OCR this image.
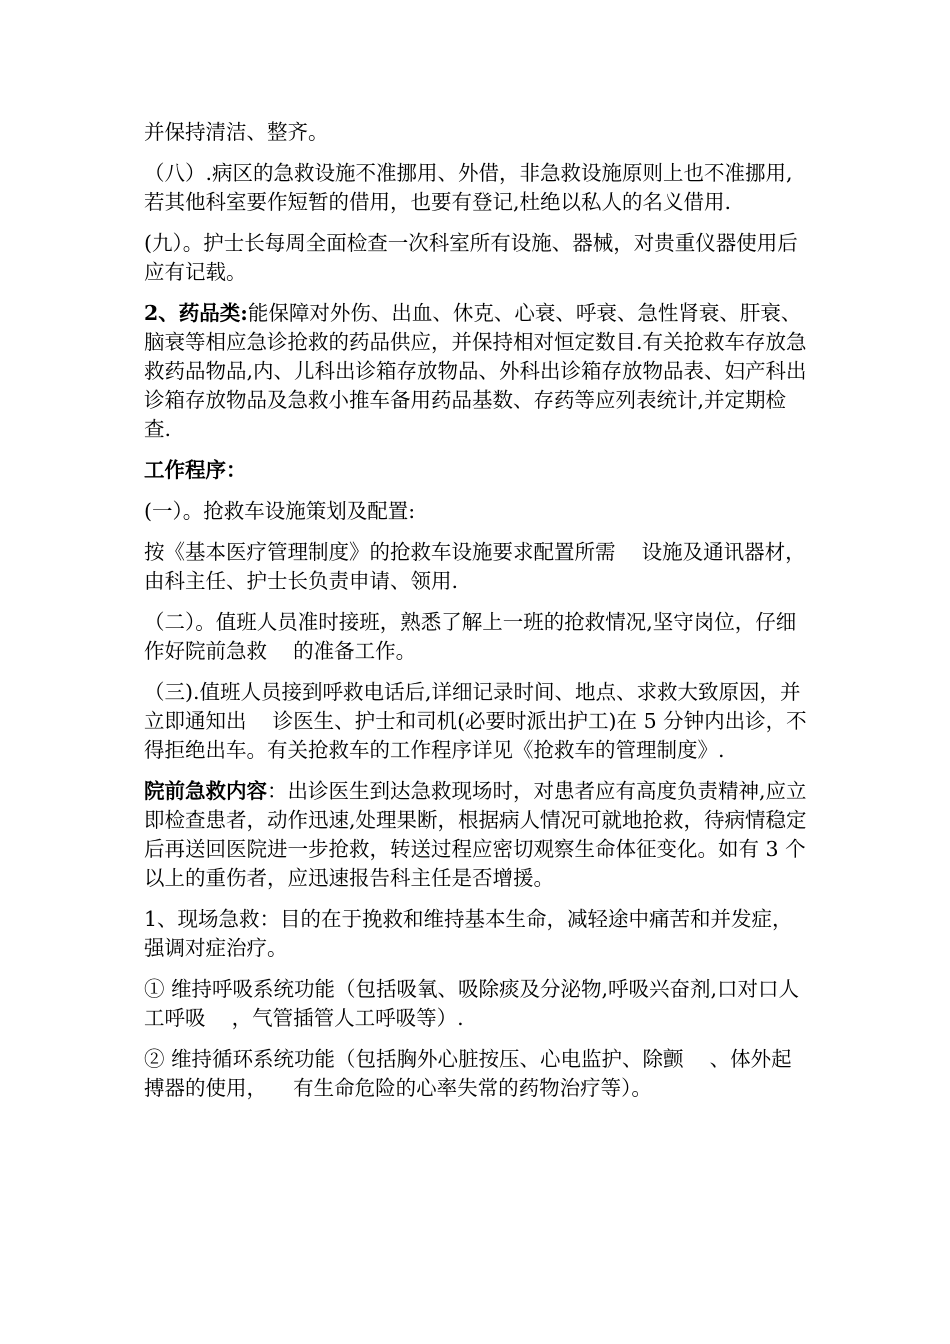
并保持清洁、整齐。

（八）.病区的急救设施不准挪用、外借，非急救设施原则上也不准挪用,若其他科室要作短暂的借用，也要有登记,杜绝以私人的名义借用.

(九）。护士长每周全面检查一次科室所有设施、器械，对贵重仪器使用后应有记载。

2、药品类:能保障对外伤、出血、休克、心衰、呼衰、急性肾衰、肝衰、脑衰等相应急诊抢救的药品供应，并保持相对恒定数目.有关抢救车存放急救药品物品,内、儿科出诊箱存放物品、外科出诊箱存放物品表、妇产科出诊箱存放物品及急救小推车备用药品基数、存药等应列表统计,并定期检查.

工作程序：

(一）。抢救车设施策划及配置:

按《基本医疗管理制度》的抢救车设施要求配置所需    设施及通讯器材，由科主任、护士长负责申请、领用.

（二）。值班人员准时接班，熟悉了解上一班的抢救情况,坚守岗位，仔细作好院前急救    的准备工作。

（三).值班人员接到呼救电话后,详细记录时间、地点、求救大致原因，并立即通知出    诊医生、护士和司机(必要时派出护工)在 5 分钟内出诊，不得拒绝出车。有关抢救车的工作程序详见《抢救车的管理制度》.

院前急救内容：出诊医生到达急救现场时，对患者应有高度负责精神,应立即检查患者，动作迅速,处理果断，根据病人情况可就地抢救，待病情稳定后再送回医院进一步抢救，转送过程应密切观察生命体征变化。如有 3 个以上的重伤者，应迅速报告科主任是否增援。

1、现场急救：目的在于挽救和维持基本生命，减轻途中痛苦和并发症，强调对症治疗。

① 维持呼吸系统功能（包括吸氧、吸除痰及分泌物,呼吸兴奋剂,口对口人工呼吸    ，气管插管人工呼吸等）.

② 维持循环系统功能（包括胸外心脏按压、心电监护、除颤    、体外起搏器的使用，    有生命危险的心率失常的药物治疗等）。
